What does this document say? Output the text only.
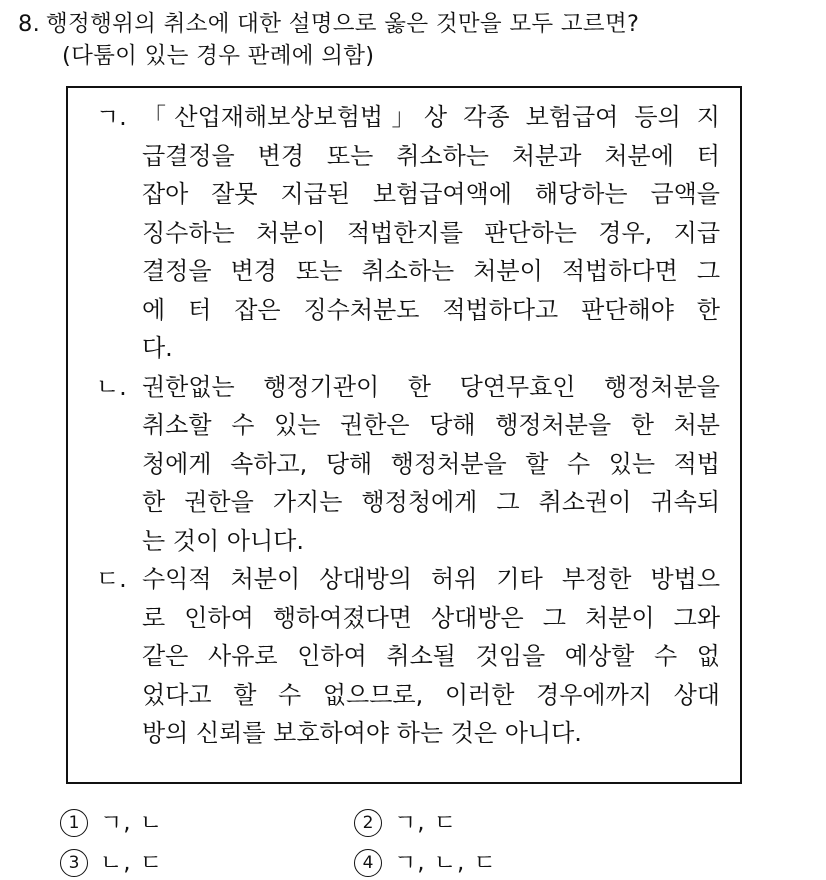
8. 행정행위의 취소에 대한 설명으로 옳은 것만을 모두 고르면?
(다툼이 있는 경우 판례에 의함)
ㄱ. 「산업재해보상보험법」상 각종 보험급여 등의 지
급결정을 변경 또는 취소하는 처분과 처분에 터
잡아 잘못 지급된 보험급여액에 해당하는 금액을
징수하는 처분이 적법한지를 판단하는 경우, 지급
결정을 변경 또는 취소하는 처분이 적법하다면 그
에 터 잡은 징수처분도 적법하다고 판단해야 한
다.
ㄴ. 권한없는 행정기관이 한 당연무효인 행정처분을
취소할 수 있는 권한은 당해 행정처분을 한 처분
청에게 속하고, 당해 행정처분을 할 수 있는 적법
한 권한을 가지는 행정청에게 그 취소권이 귀속되
는 것이 아니다.
ㄷ. 수익적 처분이 상대방의 허위 기타 부정한 방법으
로 인하여 행하여졌다면 상대방은 그 처분이 그와
같은 사유로 인하여 취소될 것임을 예상할 수 없
었다고 할 수 없으므로, 이러한 경우에까지 상대
방의 신뢰를 보호하여야 하는 것은 아니다.
1 ㄱ, ㄴ	2 ㄱ, ㄷ
3 ㄴ, ㄷ	4 ㄱ, ㄴ, ㄷ
